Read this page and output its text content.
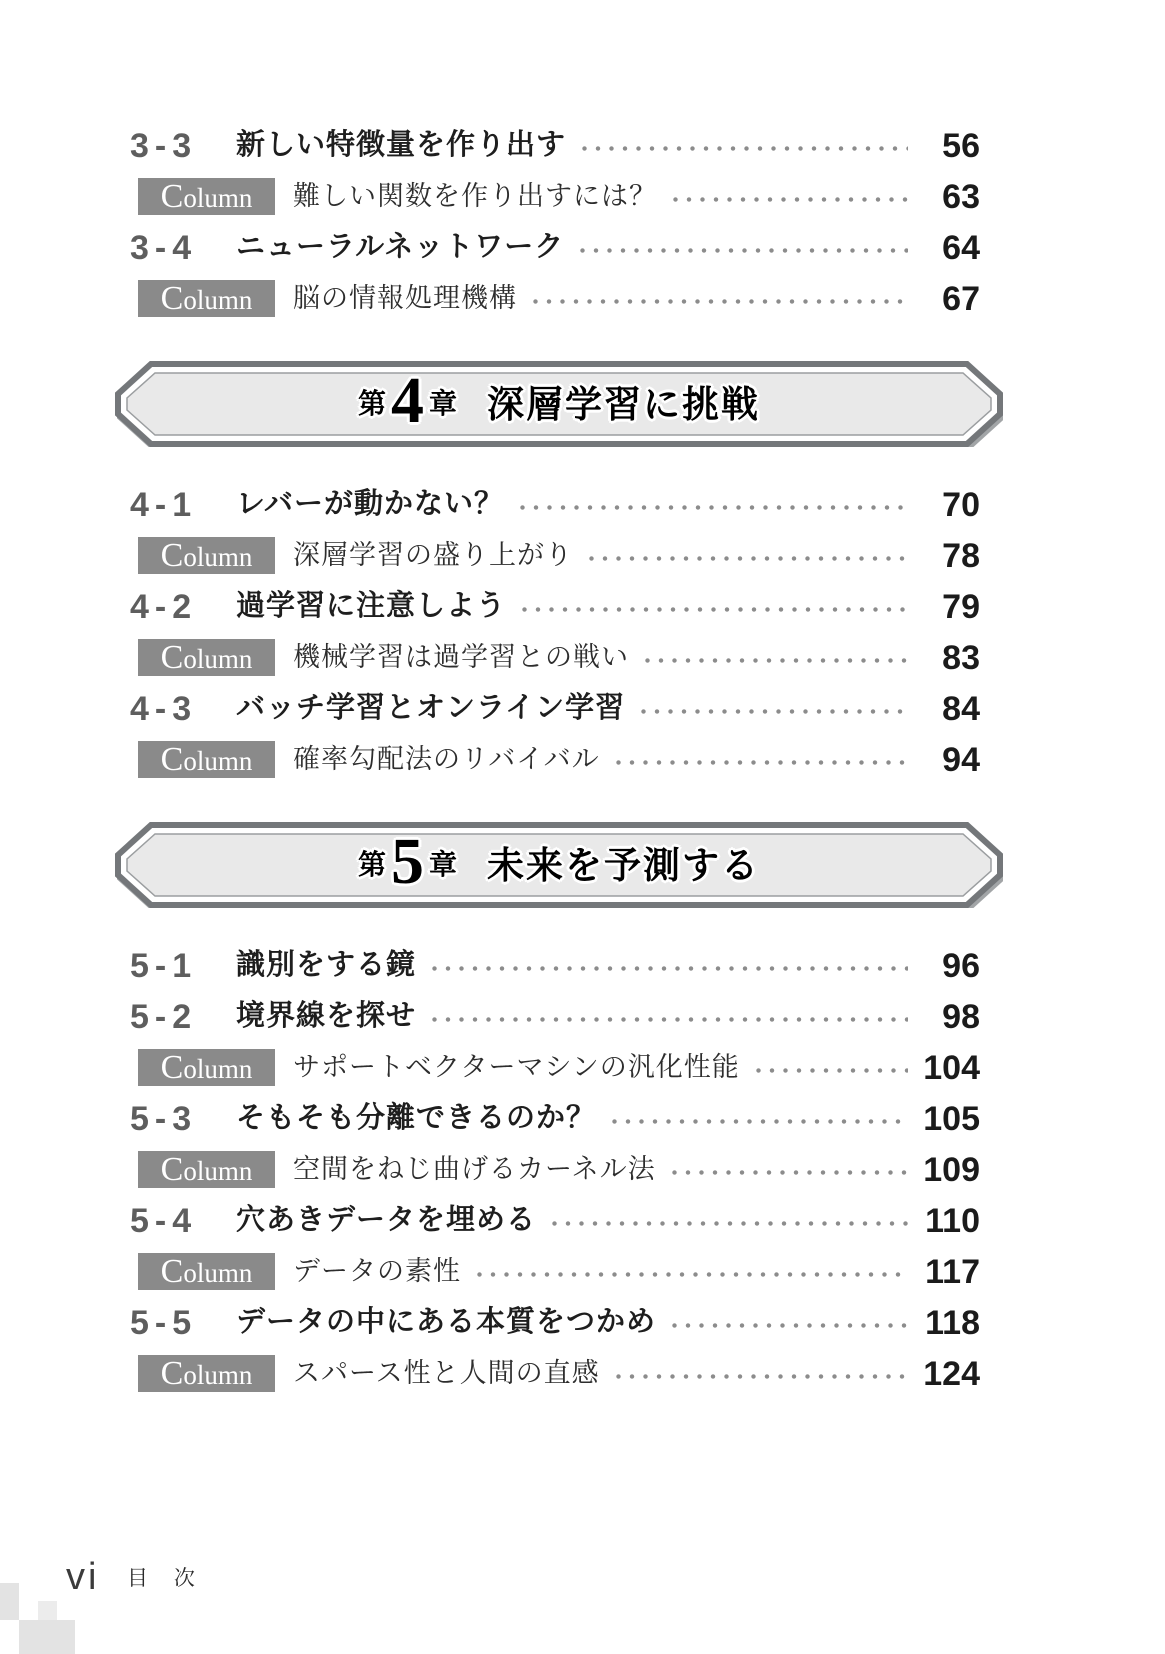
3-3	新しい特徴量を作り出す	56
Column 難しい関数を作り出すには？	63
3-4	ニューラルネットワーク	64
Column 脳の情報処理機構	67
第 4 章 深層学習に挑戦
4-1	レバーが動かない？	70
Column 深層学習の盛り上がり	78
4-2	過学習に注意しよう	79
Column 機械学習は過学習との戦い	83
4-3	バッチ学習とオンライン学習	84
Column 確率勾配法のリバイバル	94
第 5 章 未来を予測する
5-1	識別をする鏡	96
5-2	境界線を探せ	98
Column サポートベクターマシンの汎化性能	104
5-3	そもそも分離できるのか？	105
Column 空間をねじ曲げるカーネル法	109
5-4	穴あきデータを埋める	110
Column データの素性	117
5-5	データの中にある本質をつかめ	118
Column スパース性と人間の直感	124
vi 目 次
